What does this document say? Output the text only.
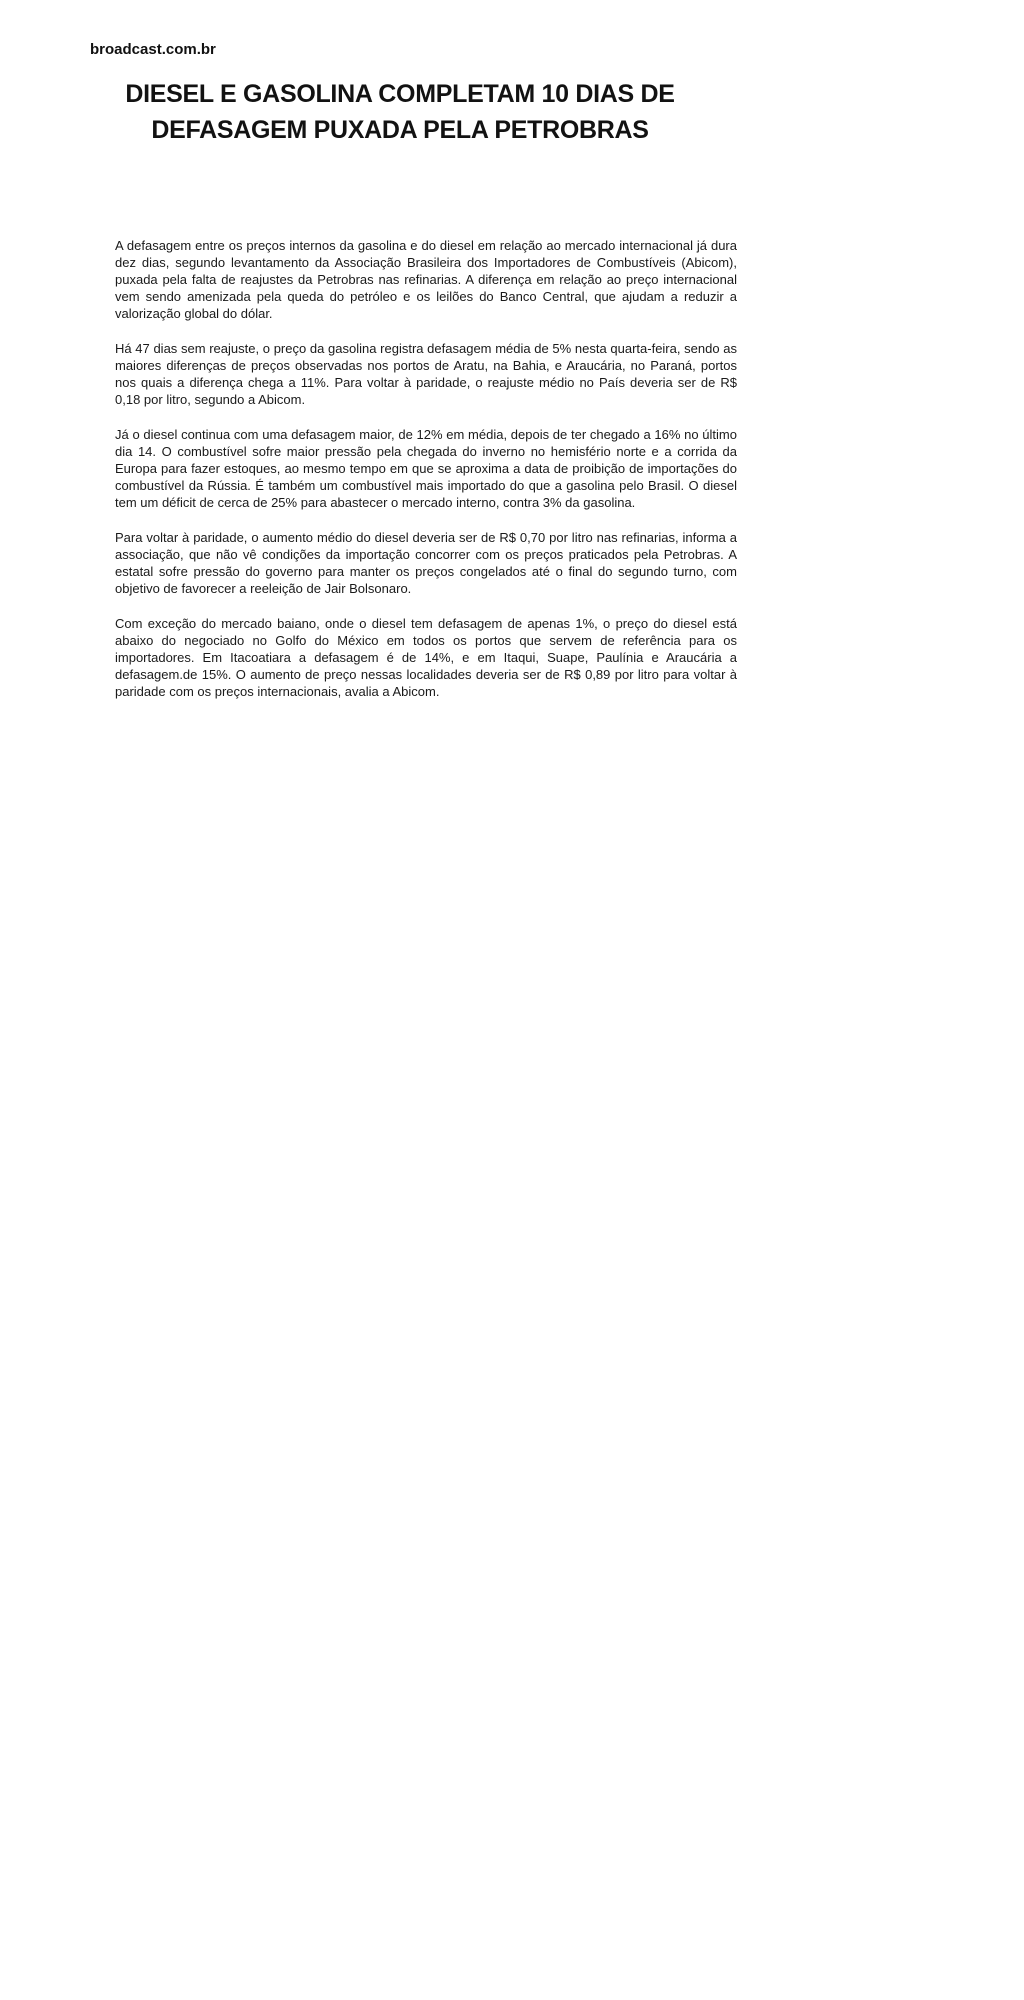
broadcast.com.br
DIESEL E GASOLINA COMPLETAM 10 DIAS DE DEFASAGEM PUXADA PELA PETROBRAS

A defasagem entre os preços internos da gasolina e do diesel em relação ao mercado internacional já dura dez dias, segundo levantamento da Associação Brasileira dos Importadores de Combustíveis (Abicom), puxada pela falta de reajustes da Petrobras nas refinarias. A diferença em relação ao preço internacional vem sendo amenizada pela queda do petróleo e os leilões do Banco Central, que ajudam a reduzir a valorização global do dólar.

Há 47 dias sem reajuste, o preço da gasolina registra defasagem média de 5% nesta quarta-feira, sendo as maiores diferenças de preços observadas nos portos de Aratu, na Bahia, e Araucária, no Paraná, portos nos quais a diferença chega a 11%. Para voltar à paridade, o reajuste médio no País deveria ser de R$ 0,18 por litro, segundo a Abicom.

Já o diesel continua com uma defasagem maior, de 12% em média, depois de ter chegado a 16% no último dia 14. O combustível sofre maior pressão pela chegada do inverno no hemisfério norte e a corrida da Europa para fazer estoques, ao mesmo tempo em que se aproxima a data de proibição de importações do combustível da Rússia. É também um combustível mais importado do que a gasolina pelo Brasil. O diesel tem um déficit de cerca de 25% para abastecer o mercado interno, contra 3% da gasolina.

Para voltar à paridade, o aumento médio do diesel deveria ser de R$ 0,70 por litro nas refinarias, informa a associação, que não vê condições da importação concorrer com os preços praticados pela Petrobras. A estatal sofre pressão do governo para manter os preços congelados até o final do segundo turno, com objetivo de favorecer a reeleição de Jair Bolsonaro.

Com exceção do mercado baiano, onde o diesel tem defasagem de apenas 1%, o preço do diesel está abaixo do negociado no Golfo do México em todos os portos que servem de referência para os importadores. Em Itacoatiara a defasagem é de 14%, e em Itaqui, Suape, Paulínia e Araucária a defasagem.de 15%. O aumento de preço nessas localidades deveria ser de R$ 0,89 por litro para voltar à paridade com os preços internacionais, avalia a Abicom.
